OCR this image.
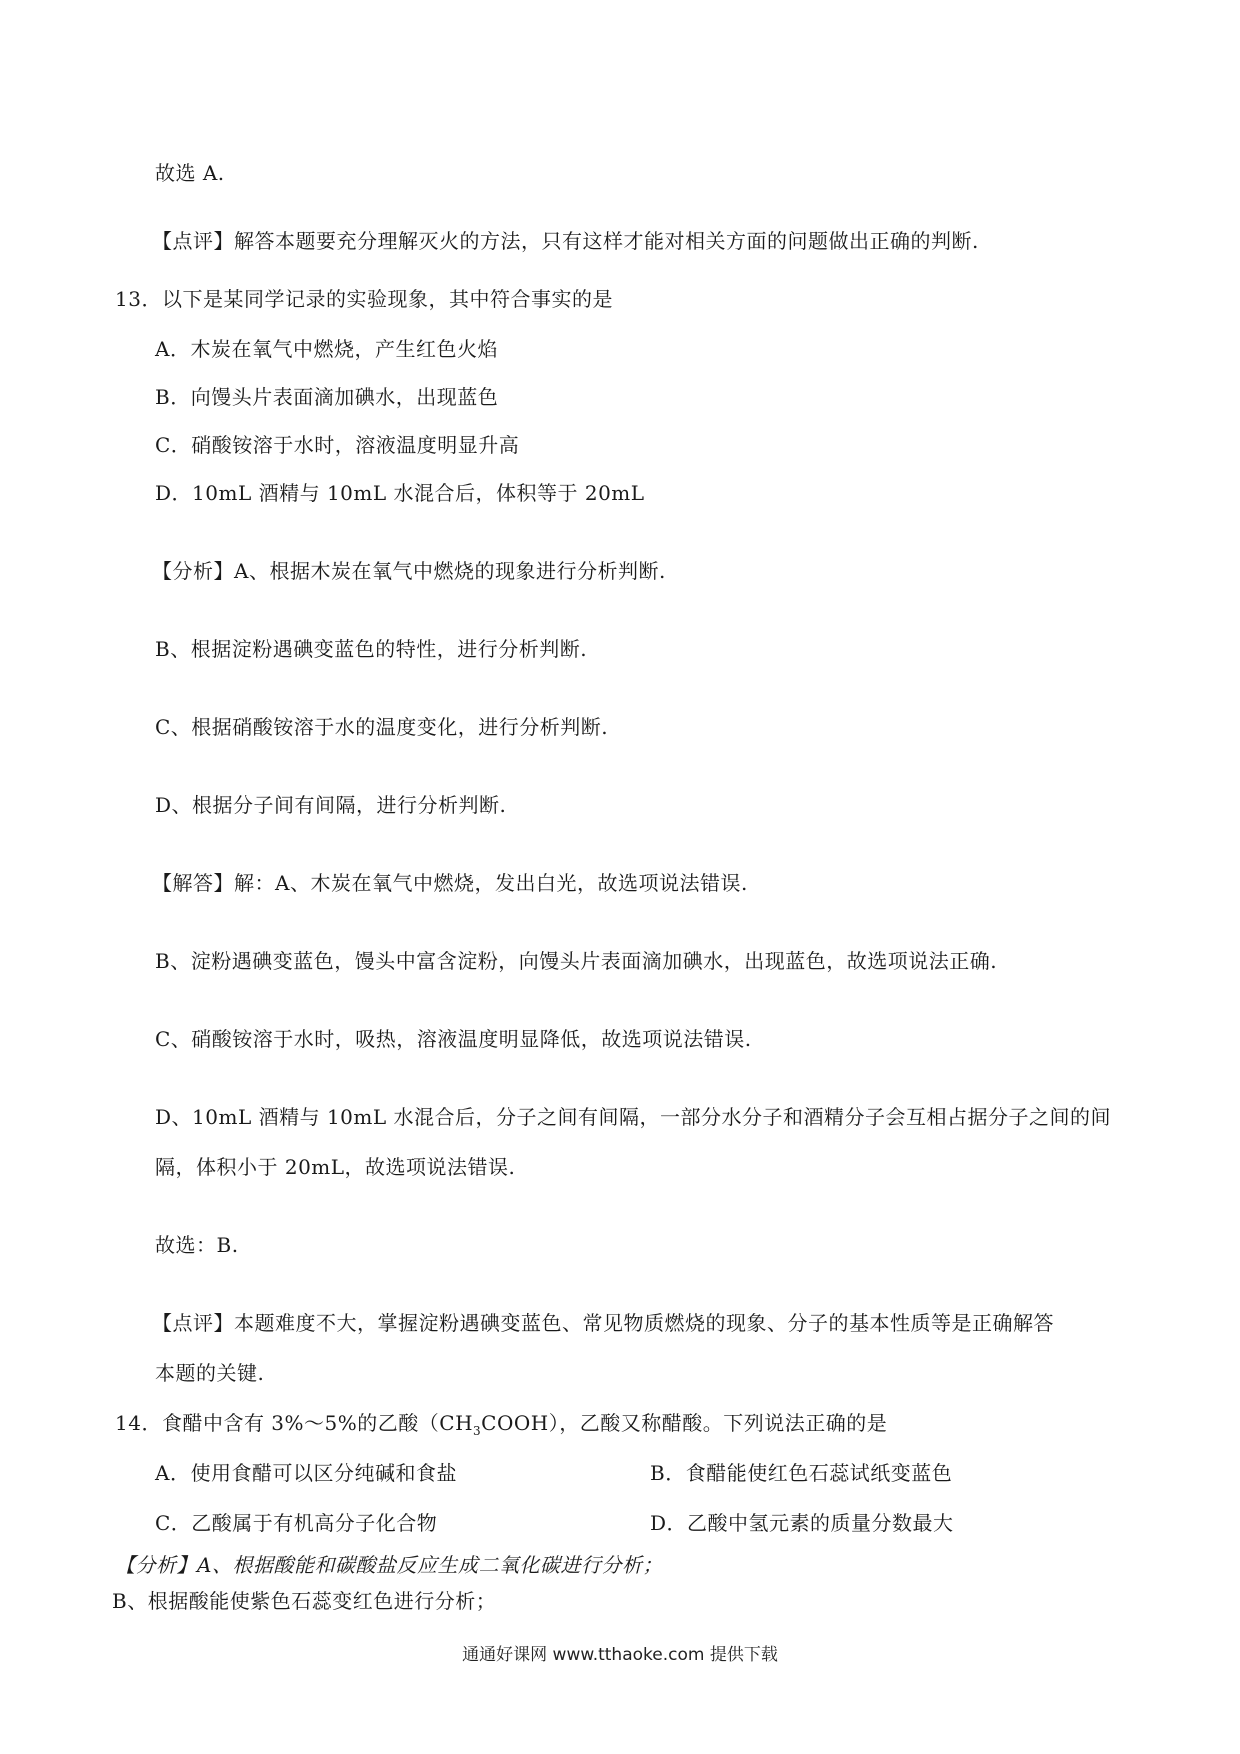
故选 A.
【点评】解答本题要充分理解灭火的方法，只有这样才能对相关方面的问题做出正确的判断.
13．以下是某同学记录的实验现象，其中符合事实的是
A．木炭在氧气中燃烧，产生红色火焰
B．向馒头片表面滴加碘水，出现蓝色
C．硝酸铵溶于水时，溶液温度明显升高
D．10mL 酒精与 10mL 水混合后，体积等于 20mL
【分析】A、根据木炭在氧气中燃烧的现象进行分析判断.
B、根据淀粉遇碘变蓝色的特性，进行分析判断.
C、根据硝酸铵溶于水的温度变化，进行分析判断.
D、根据分子间有间隔，进行分析判断.
【解答】解：A、木炭在氧气中燃烧，发出白光，故选项说法错误.
B、淀粉遇碘变蓝色，馒头中富含淀粉，向馒头片表面滴加碘水，出现蓝色，故选项说法正确.
C、硝酸铵溶于水时，吸热，溶液温度明显降低，故选项说法错误.
D、10mL 酒精与 10mL 水混合后，分子之间有间隔，一部分水分子和酒精分子会互相占据分子之间的间
隔，体积小于 20mL，故选项说法错误.
故选：B.
【点评】本题难度不大，掌握淀粉遇碘变蓝色、常见物质燃烧的现象、分子的基本性质等是正确解答
本题的关键.
14．食醋中含有 3%～5%的乙酸$(CH_3COOH)$，乙酸又称醋酸。下列说法正确的是
A．使用食醋可以区分纯碱和食盐	B．食醋能使红色石蕊试纸变蓝色
C．乙酸属于有机高分子化合物	D．乙酸中氢元素的质量分数最大
【分析】A、根据酸能和碳酸盐反应生成二氧化碳进行分析；
B、根据酸能使紫色石蕊变红色进行分析；
通通好课网 www.tthaoke.com 提供下载
